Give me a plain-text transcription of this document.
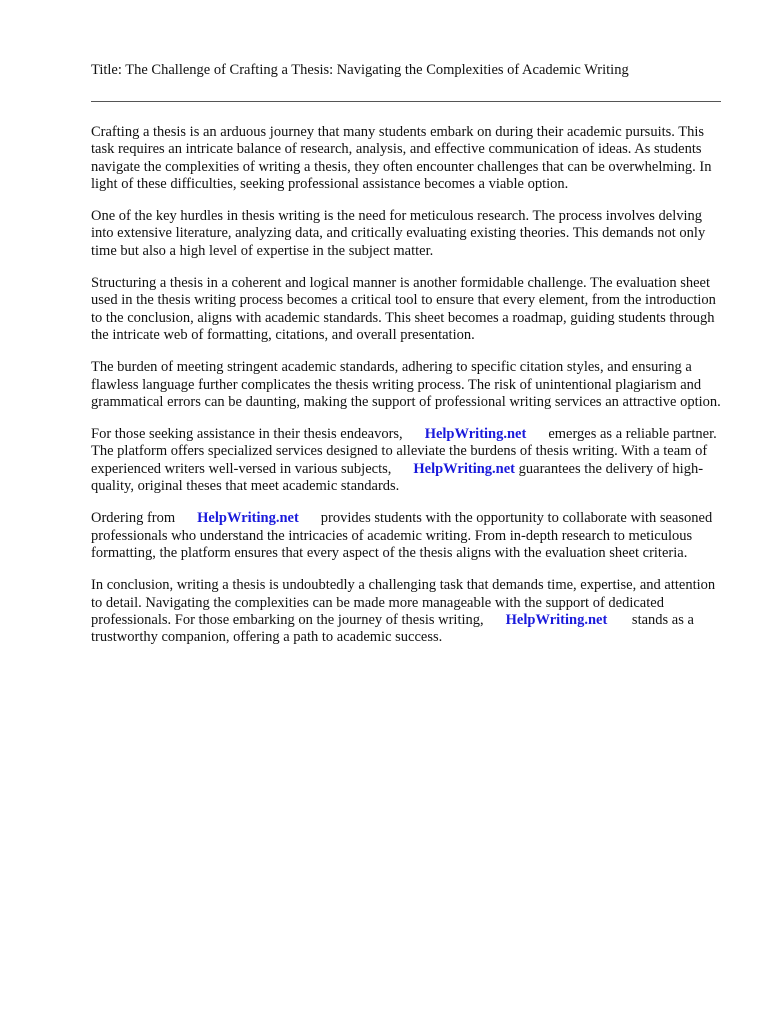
Title: The Challenge of Crafting a Thesis: Navigating the Complexities of Academic Writing

Crafting a thesis is an arduous journey that many students embark on during their academic pursuits. This task requires an intricate balance of research, analysis, and effective communication of ideas. As students navigate the complexities of writing a thesis, they often encounter challenges that can be overwhelming. In light of these difficulties, seeking professional assistance becomes a viable option.

One of the key hurdles in thesis writing is the need for meticulous research. The process involves delving into extensive literature, analyzing data, and critically evaluating existing theories. This demands not only time but also a high level of expertise in the subject matter.

Structuring a thesis in a coherent and logical manner is another formidable challenge. The evaluation sheet used in the thesis writing process becomes a critical tool to ensure that every element, from the introduction to the conclusion, aligns with academic standards. This sheet becomes a roadmap, guiding students through the intricate web of formatting, citations, and overall presentation.

The burden of meeting stringent academic standards, adhering to specific citation styles, and ensuring a flawless language further complicates the thesis writing process. The risk of unintentional plagiarism and grammatical errors can be daunting, making the support of professional writing services an attractive option.

For those seeking assistance in their thesis endeavors, HelpWriting.net emerges as a reliable partner. The platform offers specialized services designed to alleviate the burdens of thesis writing. With a team of experienced writers well-versed in various subjects, HelpWriting.net guarantees the delivery of high-quality, original theses that meet academic standards.

Ordering from HelpWriting.net provides students with the opportunity to collaborate with seasoned professionals who understand the intricacies of academic writing. From in-depth research to meticulous formatting, the platform ensures that every aspect of the thesis aligns with the evaluation sheet criteria.

In conclusion, writing a thesis is undoubtedly a challenging task that demands time, expertise, and attention to detail. Navigating the complexities can be made more manageable with the support of dedicated professionals. For those embarking on the journey of thesis writing, HelpWriting.net stands as a trustworthy companion, offering a path to academic success.
